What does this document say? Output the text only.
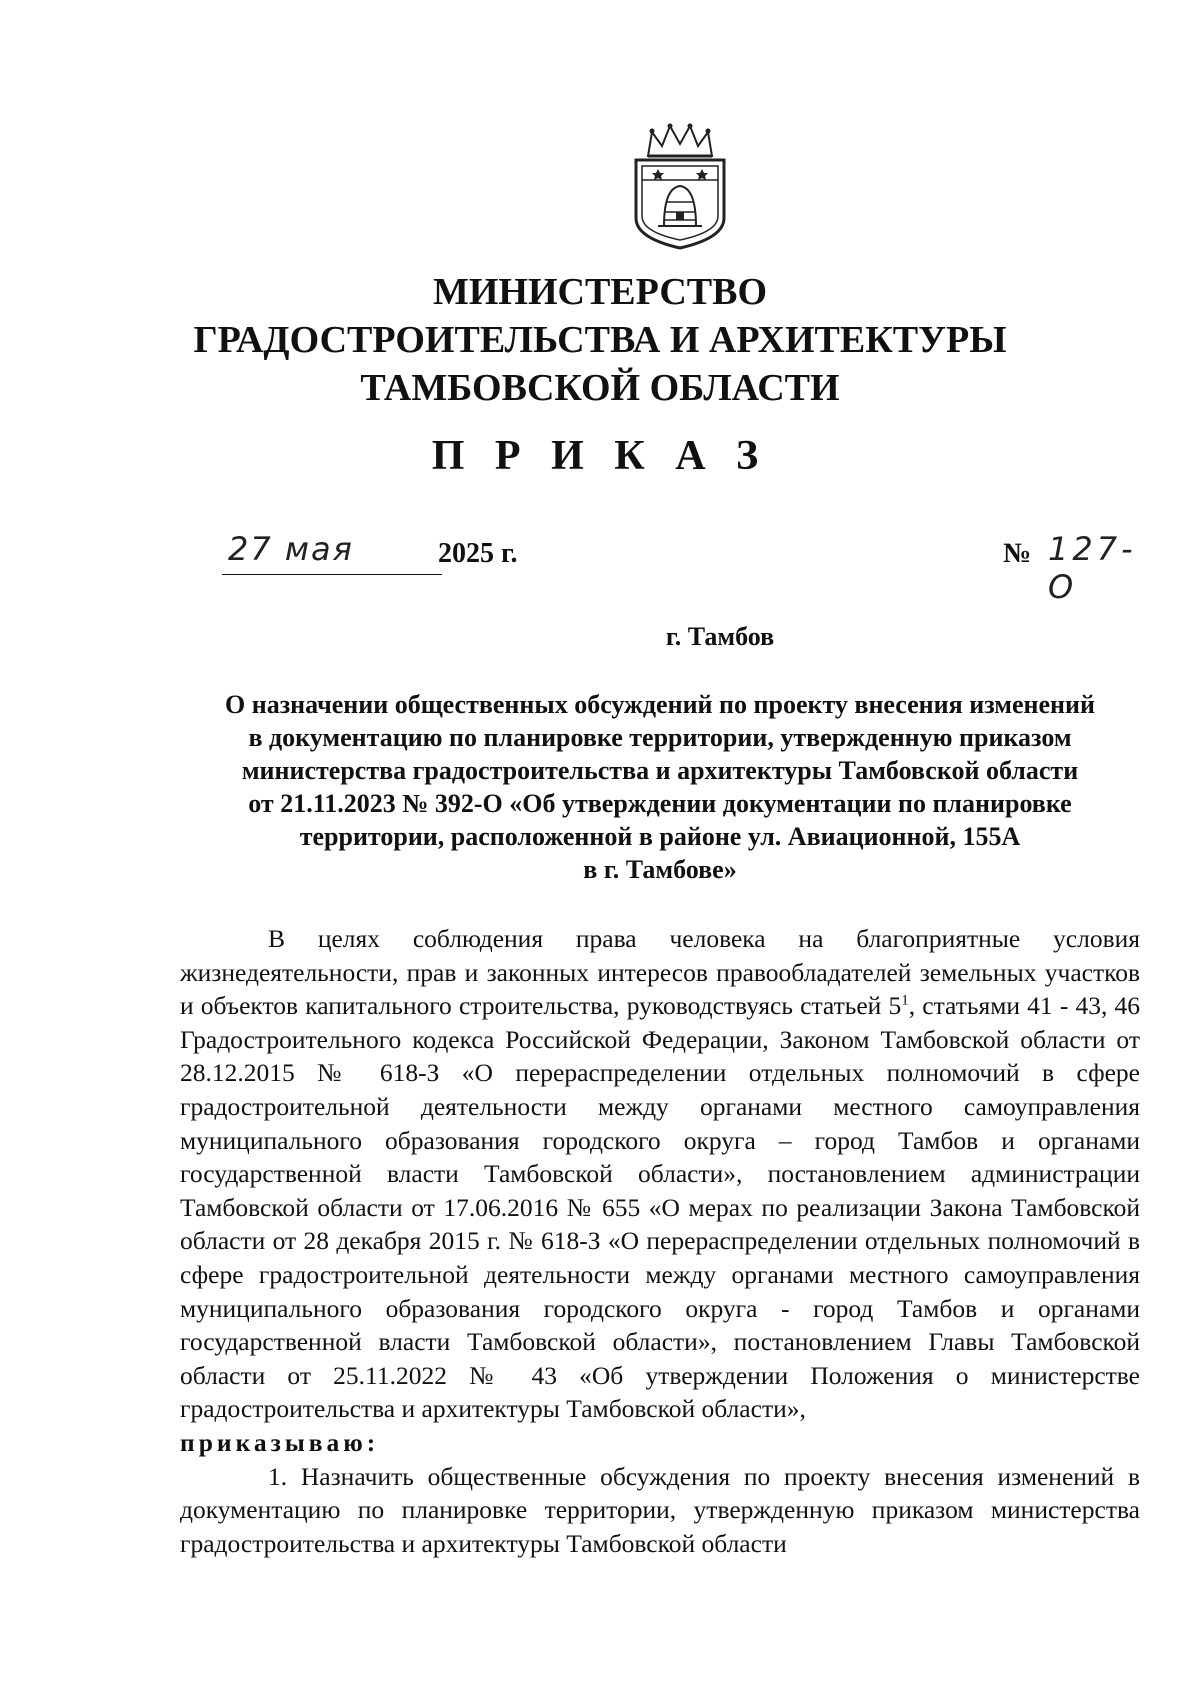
МИНИСТЕРСТВО
ГРАДОСТРОИТЕЛЬСТВА И АРХИТЕКТУРЫ
ТАМБОВСКОЙ ОБЛАСТИ
П Р И К А З
27 мая	2025 г.	№ 127-О
г. Тамбов
О назначении общественных обсуждений по проекту внесения изменений
в документацию по планировке территории, утвержденную приказом
министерства градостроительства и архитектуры Тамбовской области
от 21.11.2023 № 392-О «Об утверждении документации по планировке
территории, расположенной в районе ул. Авиационной, 155А
в г. Тамбове»

В целях соблюдения права человека на благоприятные условия жизнедеятельности, прав и законных интересов правообладателей земельных участков и объектов капитального строительства, руководствуясь статьей $5^1$, статьями 41 - 43, 46 Градостроительного кодекса Российской Федерации, Законом Тамбовской области от 28.12.2015 № 618-З «О перераспределении отдельных полномочий в сфере градостроительной деятельности между органами местного самоуправления муниципального образования городского округа – город Тамбов и органами государственной власти Тамбовской области», постановлением администрации Тамбовской области от 17.06.2016 № 655 «О мерах по реализации Закона Тамбовской области от 28 декабря 2015 г. № 618-З «О перераспределении отдельных полномочий в сфере градостроительной деятельности между органами местного самоуправления муниципального образования городского округа - город Тамбов и органами государственной власти Тамбовской области», постановлением Главы Тамбовской области от 25.11.2022 № 43 «Об утверждении Положения о министерстве градостроительства и архитектуры Тамбовской области»,

приказываю:

1. Назначить общественные обсуждения по проекту внесения изменений в документацию по планировке территории, утвержденную приказом министерства градостроительства и архитектуры Тамбовской области
